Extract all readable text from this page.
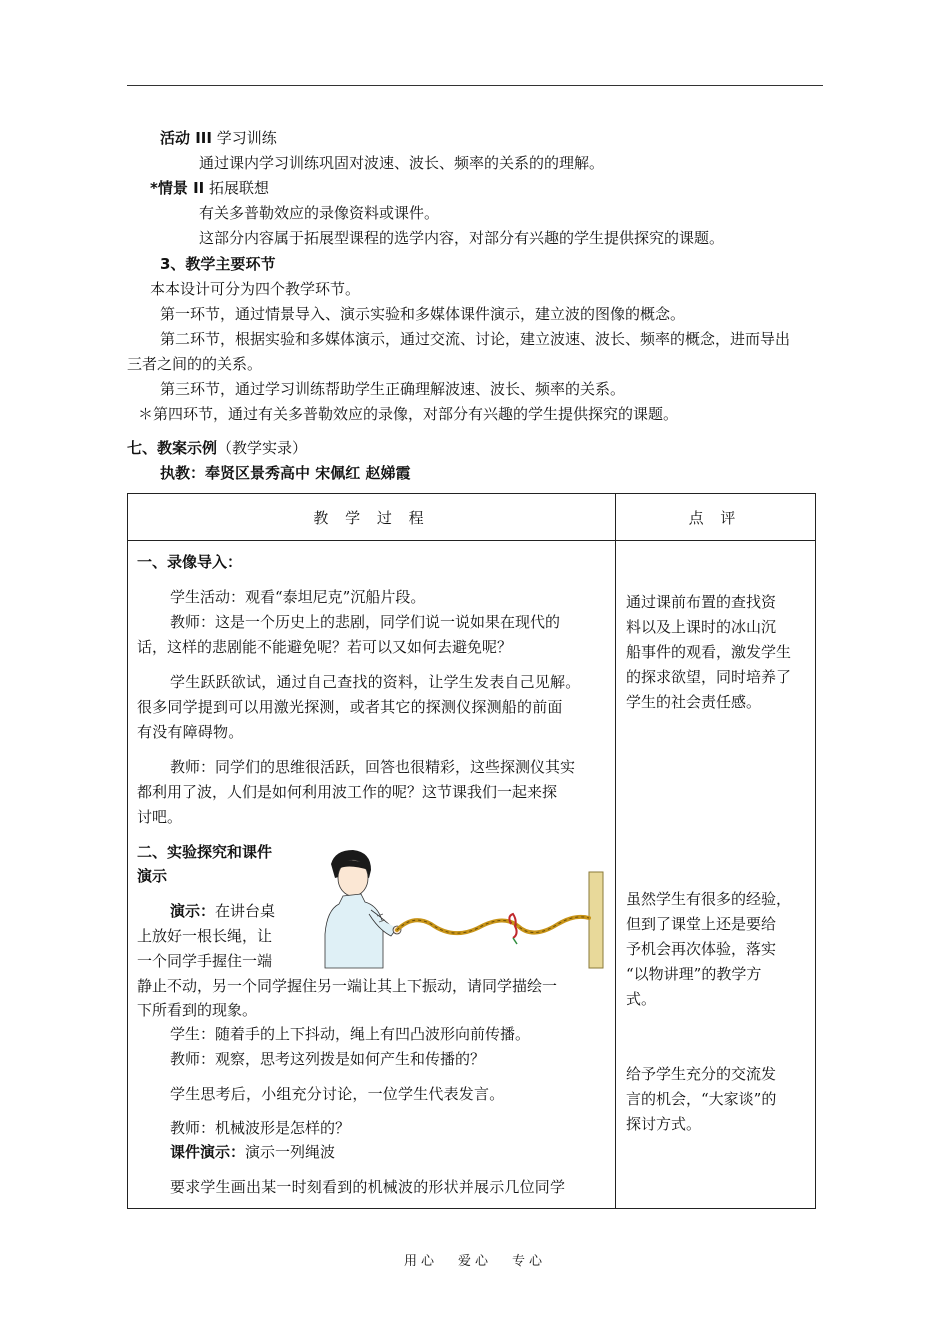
活动 III 学习训练
通过课内学习训练巩固对波速、波长、频率的关系的的理解。
*情景 II 拓展联想
有关多普勒效应的录像资料或课件。
这部分内容属于拓展型课程的选学内容，对部分有兴趣的学生提供探究的课题。
3、教学主要环节
本本设计可分为四个教学环节。
第一环节，通过情景导入、演示实验和多媒体课件演示，建立波的图像的概念。
第二环节，根据实验和多媒体演示，通过交流、讨论，建立波速、波长、频率的概念，进而导出
三者之间的的关系。
第三环节，通过学习训练帮助学生正确理解波速、波长、频率的关系。
＊第四环节，通过有关多普勒效应的录像，对部分有兴趣的学生提供探究的课题。
七、教案示例（教学实录）
执教：奉贤区景秀高中 宋佩红 赵娣霞
教 学 过 程	点 评
一、录像导入：
学生活动：观看“泰坦尼克”沉船片段。
教师：这是一个历史上的悲剧，同学们说一说如果在现代的
话，这样的悲剧能不能避免呢？若可以又如何去避免呢？
学生跃跃欲试，通过自己查找的资料，让学生发表自己见解。
很多同学提到可以用激光探测，或者其它的探测仪探测船的前面
有没有障碍物。
教师：同学们的思维很活跃，回答也很精彩，这些探测仪其实
都利用了波，人们是如何利用波工作的呢？这节课我们一起来探
讨吧。
二、实验探究和课件
演示
演示：在讲台桌
上放好一根长绳，让
一个同学手握住一端
静止不动，另一个同学握住另一端让其上下振动，请同学描绘一
下所看到的现象。
学生：随着手的上下抖动，绳上有凹凸波形向前传播。
教师：观察，思考这列拨是如何产生和传播的？
学生思考后，小组充分讨论，一位学生代表发言。
教师：机械波形是怎样的？
课件演示：演示一列绳波
要求学生画出某一时刻看到的机械波的形状并展示几位同学
通过课前布置的查找资
料以及上课时的冰山沉
船事件的观看，激发学生
的探求欲望，同时培养了
学生的社会责任感。
虽然学生有很多的经验，
但到了课堂上还是要给
予机会再次体验，落实
“以物讲理”的教学方
式。
给予学生充分的交流发
言的机会，“大家谈”的
探讨方式。
用心 爱心 专心
